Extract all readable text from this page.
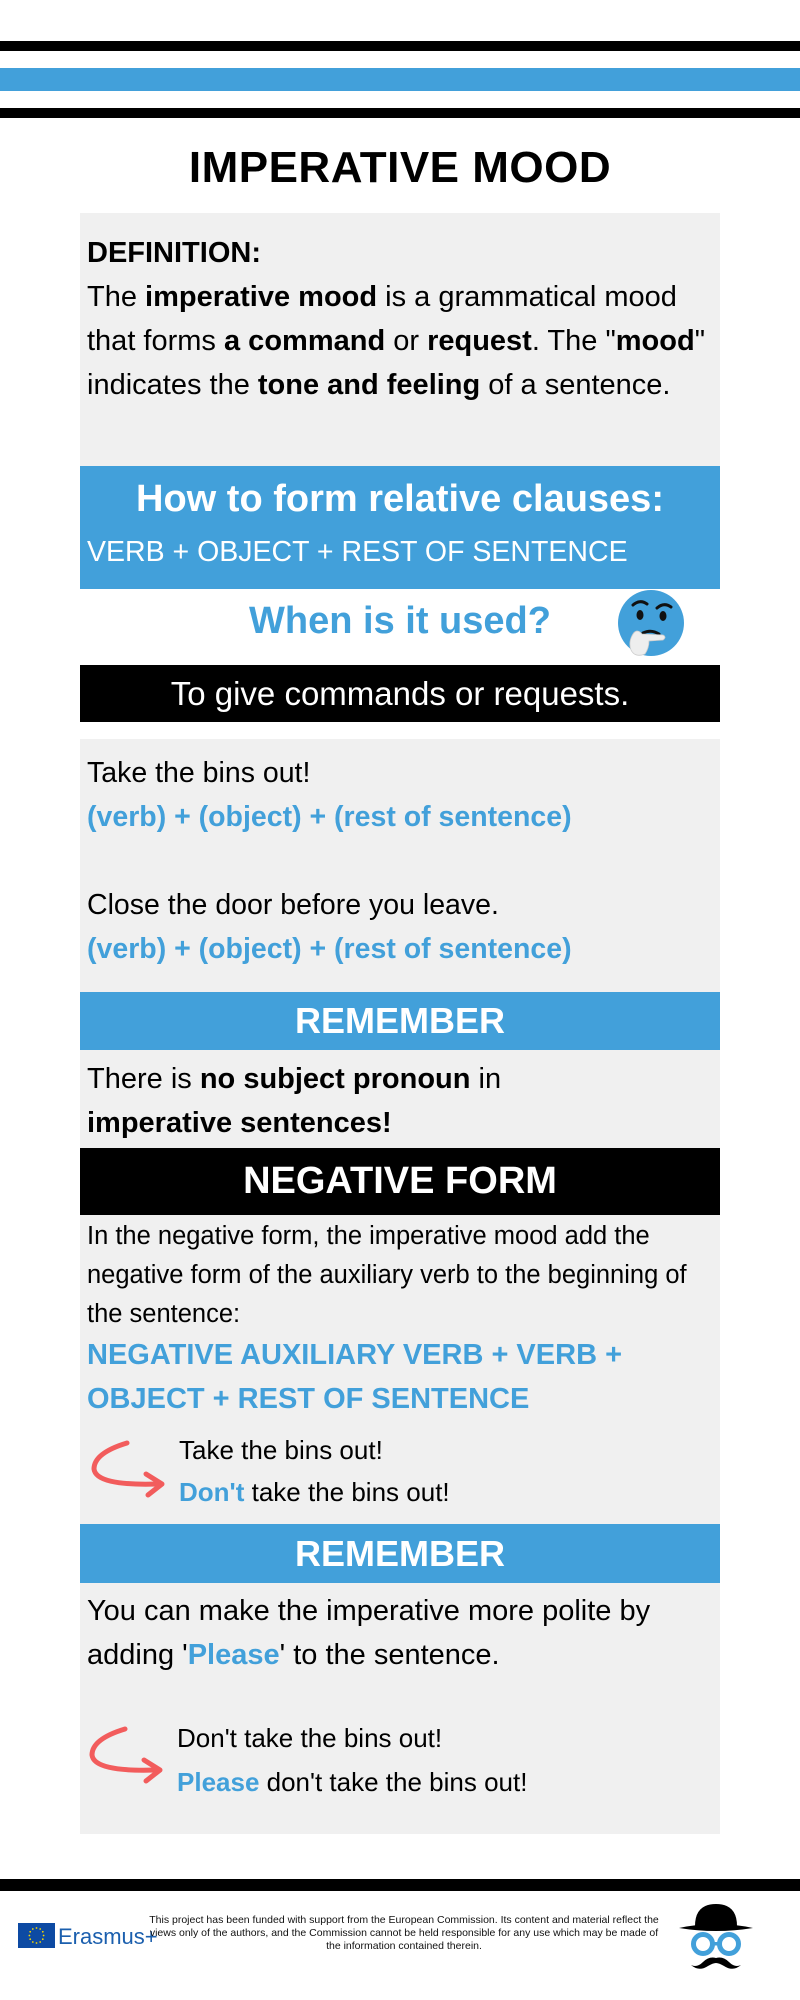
IMPERATIVE MOOD
DEFINITION:
The imperative mood is a grammatical mood that forms a command or request. The "mood" indicates the tone and feeling of a sentence.
How to form relative clauses:
VERB + OBJECT + REST OF SENTENCE
When is it used?
To give commands or requests.
Take the bins out!
(verb) + (object) + (rest of sentence)
Close the door before you leave.
(verb) + (object) + (rest of sentence)
REMEMBER
There is no subject pronoun in
imperative sentences!
NEGATIVE FORM
In the negative form, the imperative mood add the negative form of the auxiliary verb to the beginning of the sentence:
NEGATIVE AUXILIARY VERB + VERB + OBJECT + REST OF SENTENCE
Take the bins out!
Don't take the bins out!
REMEMBER
You can make the imperative more polite by adding 'Please' to the sentence.
Don't take the bins out!
Please don't take the bins out!
Erasmus+
This project has been funded with support from the European Commission. Its content and material reflect the views only of the authors, and the Commission cannot be held responsible for any use which may be made of the information contained therein.
